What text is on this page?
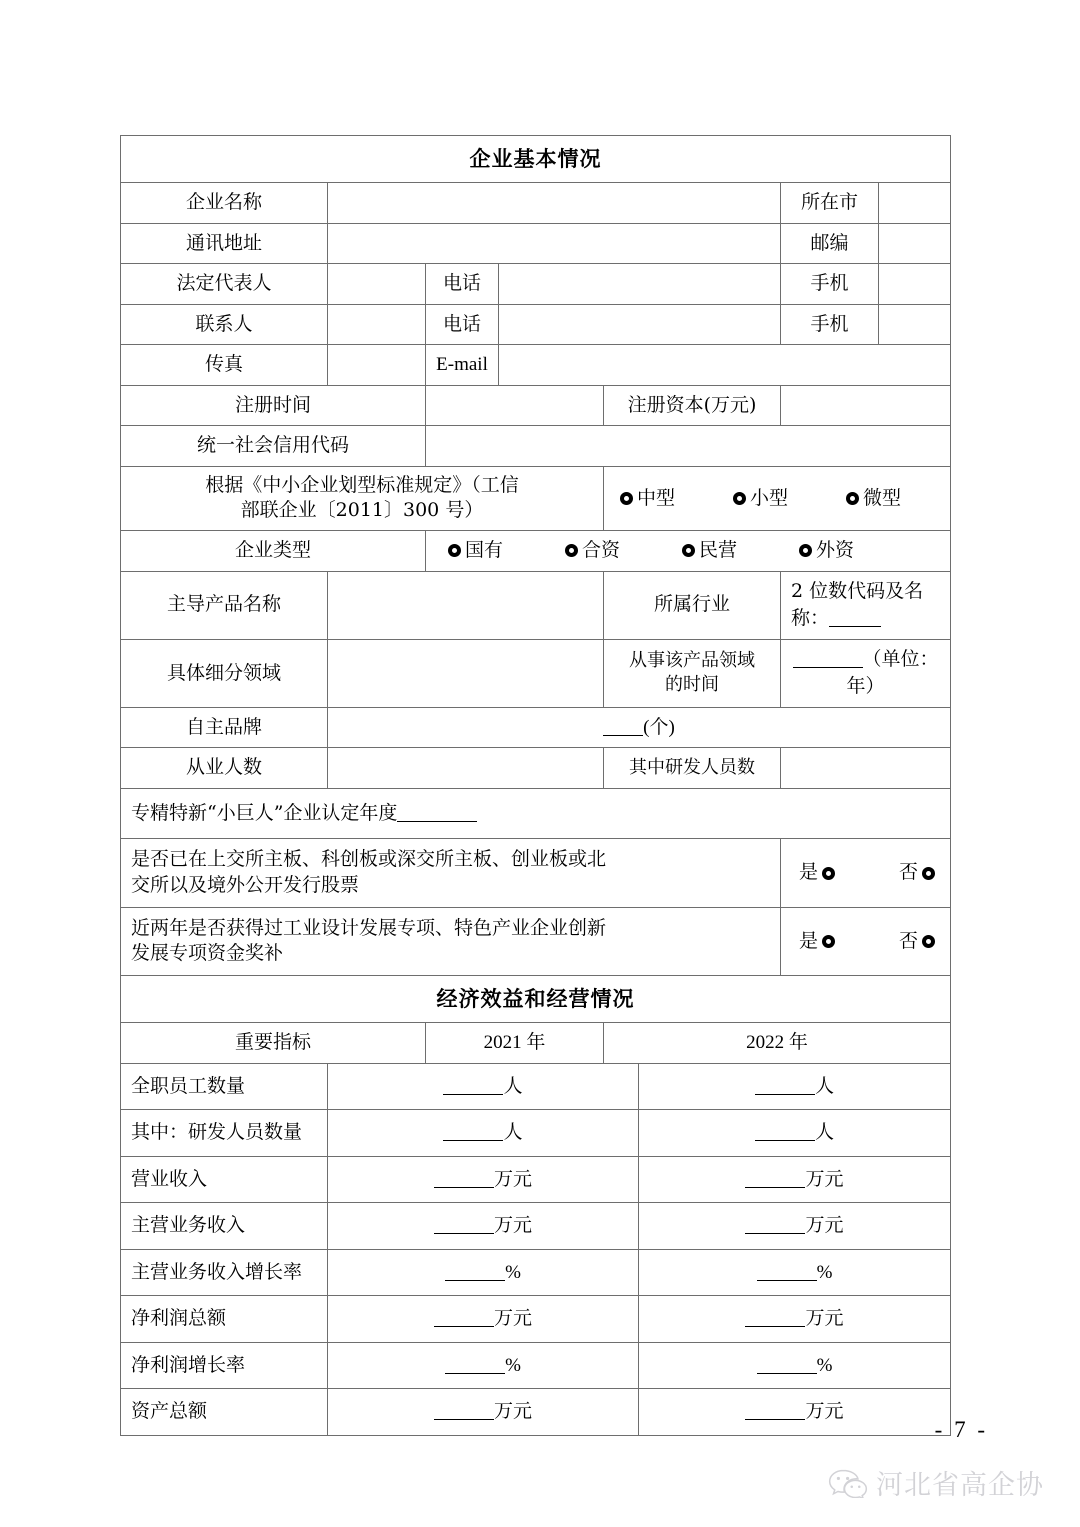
企业基本情况						

企业名称					所在市	

通讯地址					邮编	

法定代表人		电话			手机	

联系人		电话			手机	

传真		E-mail				

注册时间				注册资本(万元)		

统一社会信用代码						

根据《中小企业划型标准规定》（工信
部联企业〔2011〕300 号）				中型 小型 微型		

企业类型		国有 合资 民营 外资				

主导产品名称				所属行业	2 位数代码及名称：	

具体细分领域				从事该产品领域
的时间	（单位：年）	

自主品牌	(个)					

从业人数				其中研发人员数		

专精特新“小巨人”企业认定年度						

是否已在上交所主板、科创板或深交所主板、创业板或北
交所以及境外公开发行股票					是 否	

近两年是否获得过工业设计发展专项、特色产业企业创新
发展专项资金奖补					是 否	

经济效益和经营情况						

重要指标		2021 年		2022 年		
全职员工数量	人	人

其中：研发人员数量	人	人

营业收入	万元	万元

主营业务收入	万元	万元

主营业务收入增长率	%	%

净利润总额	万元	万元

净利润增长率	%	%

资产总额	万元	万元
- 7 -
河北省高企协
